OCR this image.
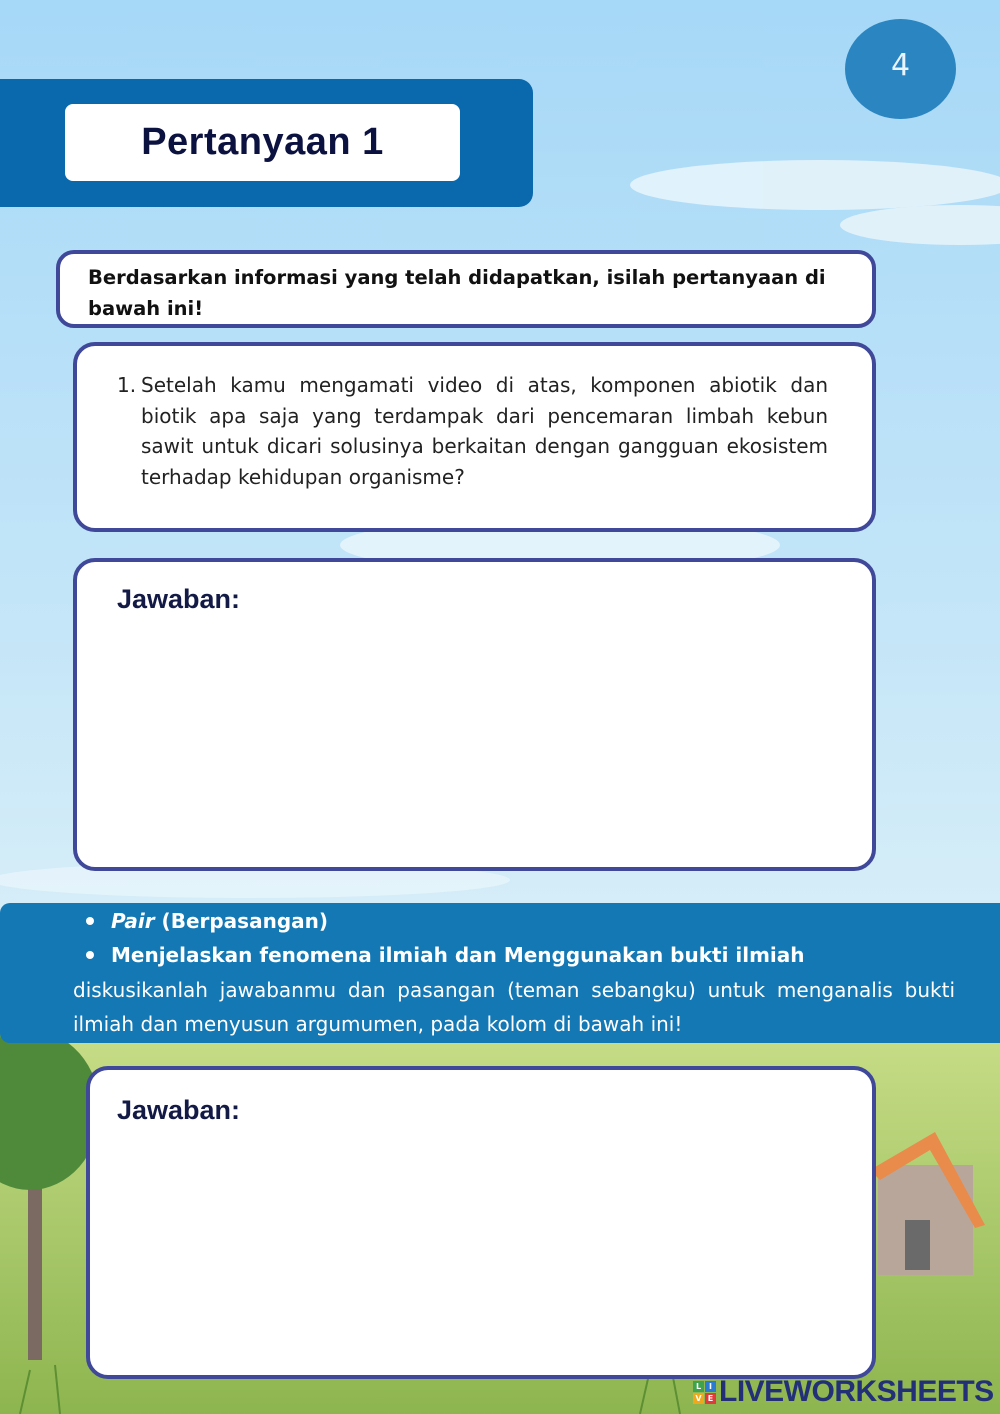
4
Pertanyaan 1
Berdasarkan informasi yang telah didapatkan, isilah pertanyaan di bawah ini!
1. Setelah kamu mengamati video di atas, komponen abiotik dan biotik apa saja yang terdampak dari pencemaran limbah kebun sawit untuk dicari solusinya berkaitan dengan gangguan ekosistem terhadap kehidupan organisme?
Jawaban:
Pair (Berpasangan)
Menjelaskan fenomena ilmiah dan Menggunakan bukti ilmiah
diskusikanlah jawabanmu dan pasangan (teman sebangku) untuk menganalis bukti ilmiah dan menyusun argumumen, pada kolom di bawah ini!
Jawaban:
L I
V E LIVEWORKSHEETS
